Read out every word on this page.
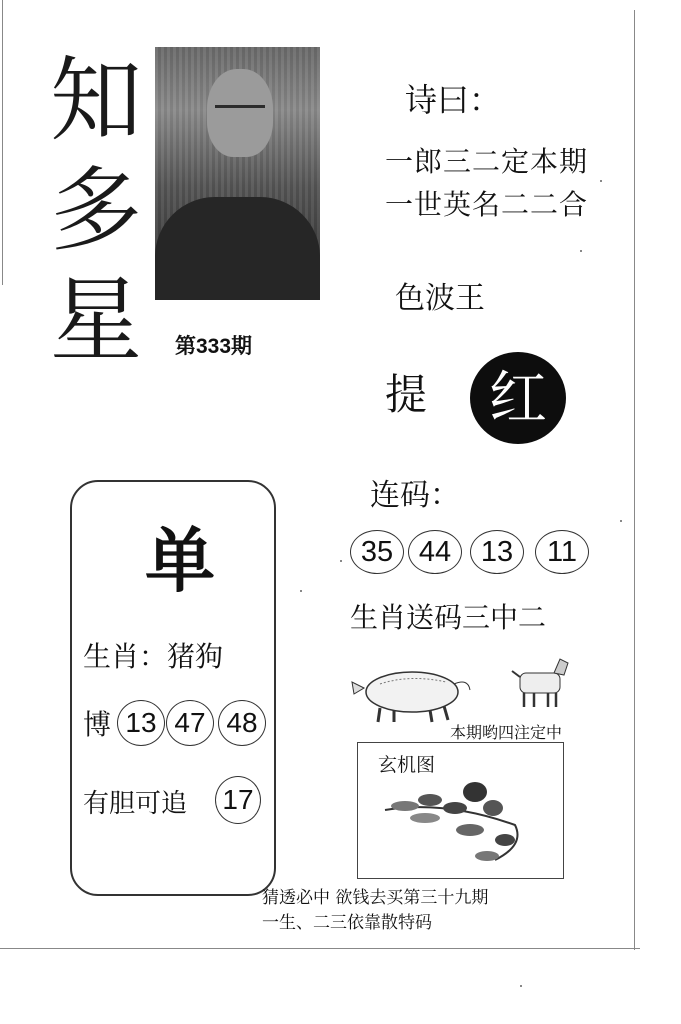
知
多
星 第333期
诗曰：
一郎三二定本期
一世英名二二合
色波王
提	红
连码：
35 44	13	11
生肖送码三中二
本期哟四注定中
玄机图
单
生肖：猪狗
博 13 47 48
有胆可追 17
猜透必中 欲钱去买第三十九期
一生、二三依靠散特码
